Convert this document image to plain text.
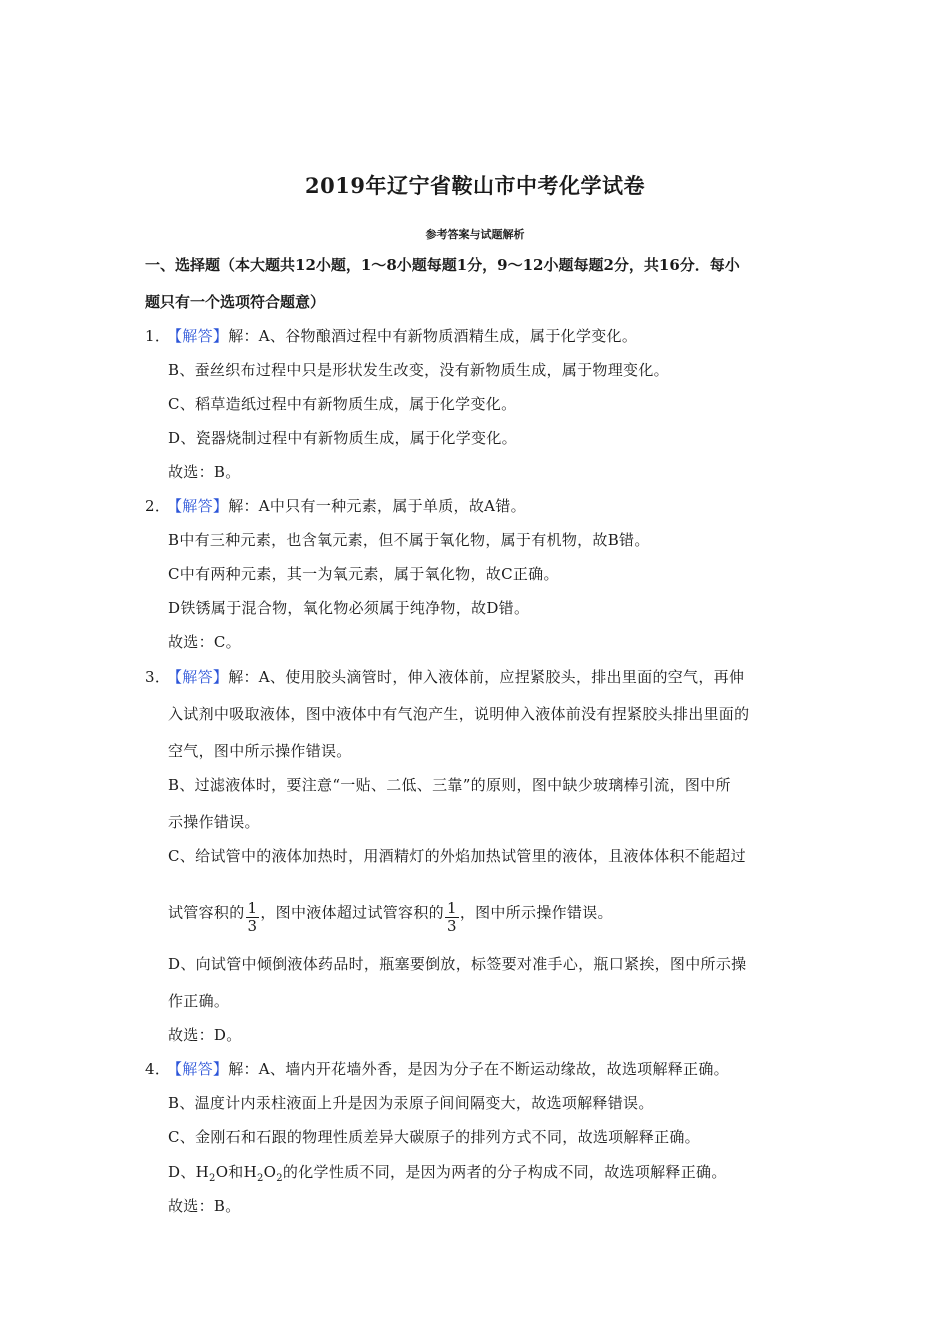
2019年辽宁省鞍山市中考化学试卷
参考答案与试题解析
一、选择题（本大题共12小题，1～8小题每题1分，9～12小题每题2分，共16分．每小
题只有一个选项符合题意）
1．【解答】解：A、谷物酿酒过程中有新物质酒精生成，属于化学变化。
B、蚕丝织布过程中只是形状发生改变，没有新物质生成，属于物理变化。
C、稻草造纸过程中有新物质生成，属于化学变化。
D、瓷器烧制过程中有新物质生成，属于化学变化。
故选：B。
2．【解答】解：A中只有一种元素，属于单质，故A错。
B中有三种元素，也含氧元素，但不属于氧化物，属于有机物，故B错。
C中有两种元素，其一为氧元素，属于氧化物，故C正确。
D铁锈属于混合物，氧化物必须属于纯净物，故D错。
故选：C。
3．【解答】解：A、使用胶头滴管时，伸入液体前，应捏紧胶头，排出里面的空气，再伸
入试剂中吸取液体，图中液体中有气泡产生，说明伸入液体前没有捏紧胶头排出里面的
空气，图中所示操作错误。
B、过滤液体时，要注意“一贴、二低、三靠”的原则，图中缺少玻璃棒引流，图中所
示操作错误。
C、给试管中的液体加热时，用酒精灯的外焰加热试管里的液体，且液体体积不能超过
试管容积的 $\frac{1}{3}$ ，图中液体超过试管容积的 $\frac{1}{3}$ ，图中所示操作错误。
D、向试管中倾倒液体药品时，瓶塞要倒放，标签要对准手心，瓶口紧挨，图中所示操
作正确。
故选：D。
4．【解答】解：A、墙内开花墙外香，是因为分子在不断运动缘故，故选项解释正确。
B、温度计内汞柱液面上升是因为汞原子间间隔变大，故选项解释错误。
C、金刚石和石跟的物理性质差异大碳原子的排列方式不同，故选项解释正确。
D、$H_2O$和$H_2O_2$的化学性质不同，是因为两者的分子构成不同，故选项解释正确。
故选：B。
